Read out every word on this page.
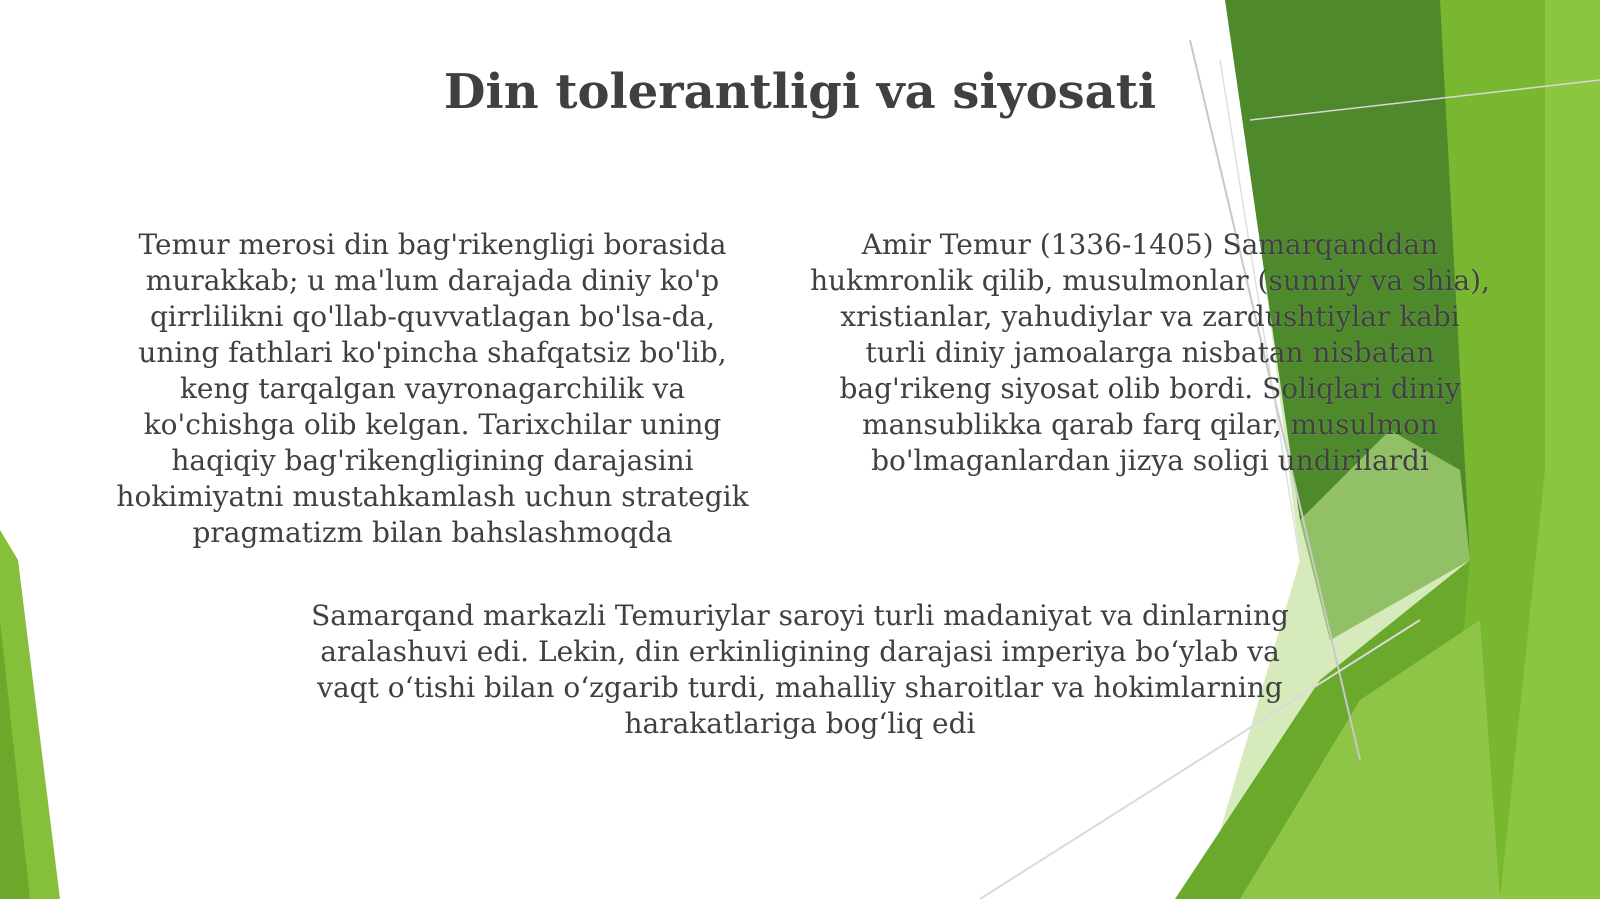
Din tolerantligi va siyosati

Temur merosi din bag'rikengligi borasida
murakkab; u ma'lum darajada diniy ko'p
qirrlilikni qo'llab-quvvatlagan bo'lsa-da,
uning fathlari ko'pincha shafqatsiz bo'lib,
keng tarqalgan vayronagarchilik va
ko'chishga olib kelgan. Tarixchilar uning
haqiqiy bag'rikengligining darajasini
hokimiyatni mustahkamlash uchun strategik
pragmatizm bilan bahslashmoqda

Amir Temur (1336-1405) Samarqanddan
hukmronlik qilib, musulmonlar (sunniy va shia),
xristianlar, yahudiylar va zardushtiylar kabi
turli diniy jamoalarga nisbatan nisbatan
bag'rikeng siyosat olib bordi. Soliqlari diniy
mansublikka qarab farq qilar, musulmon
bo'lmaganlardan jizya soligi undirilardi

Samarqand markazli Temuriylar saroyi turli madaniyat va dinlarning
aralashuvi edi. Lekin, din erkinligining darajasi imperiya bo‘ylab va
vaqt o‘tishi bilan o‘zgarib turdi, mahalliy sharoitlar va hokimlarning
harakatlariga bog‘liq edi
